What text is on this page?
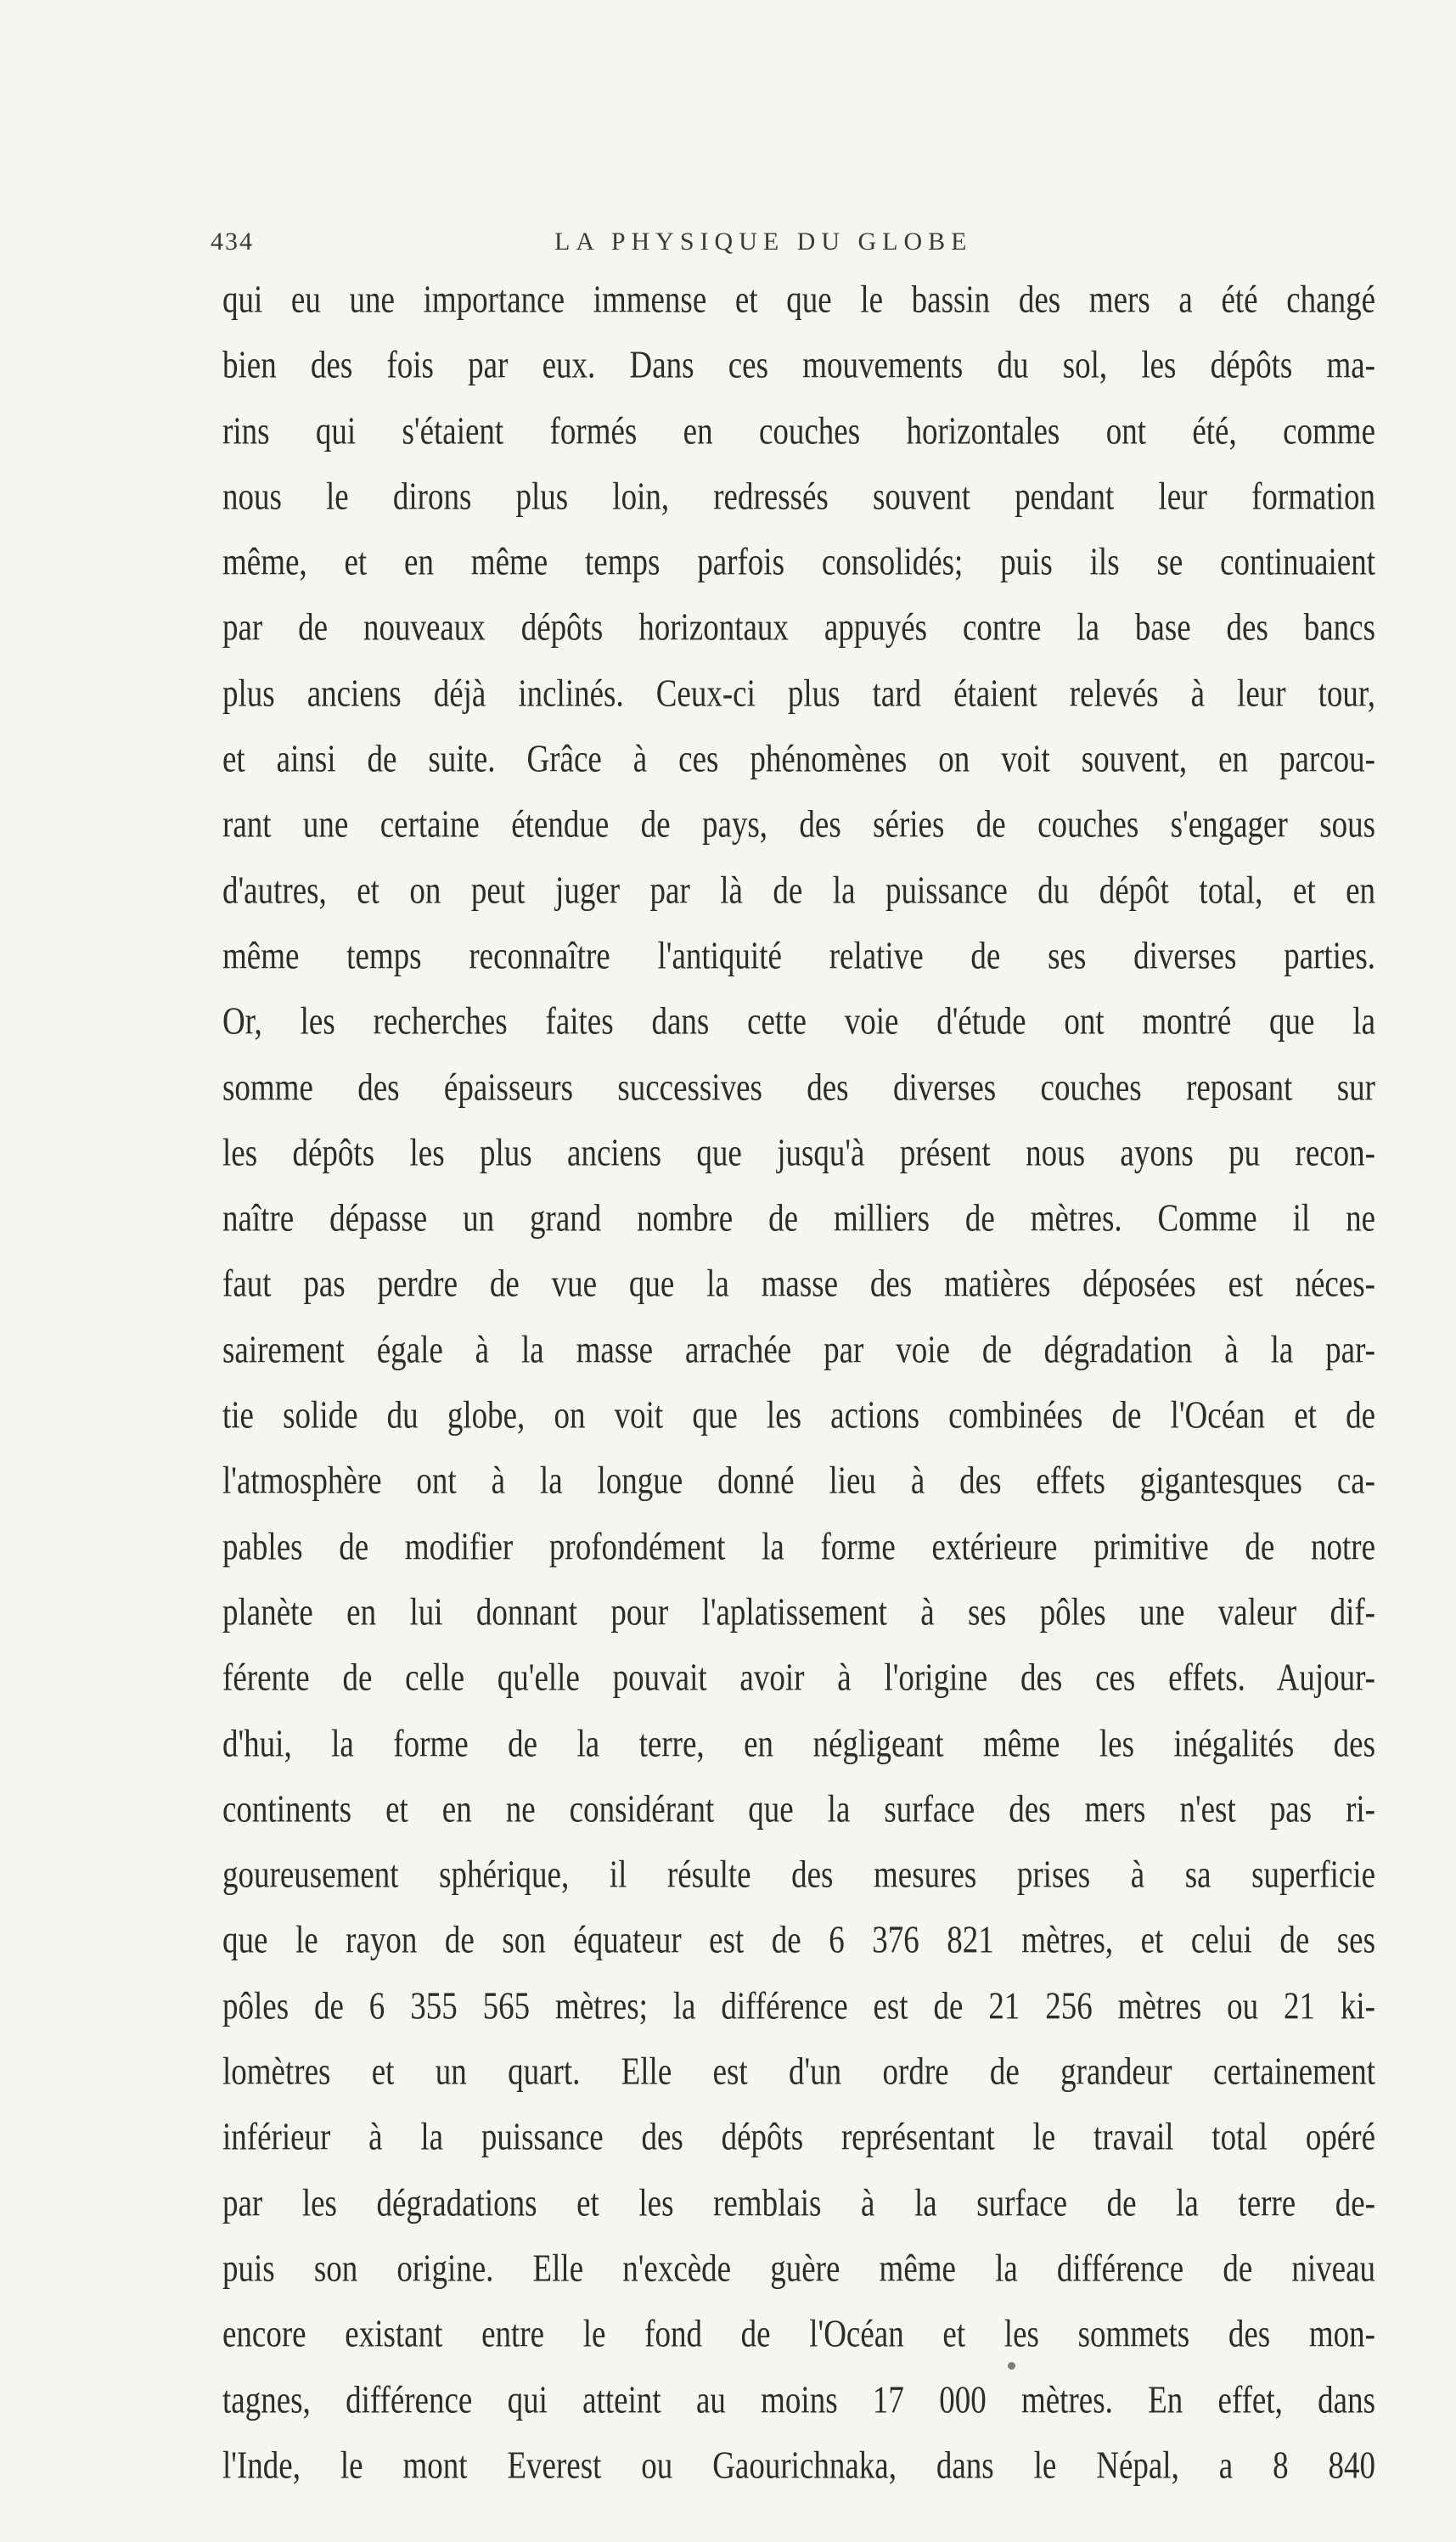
434	LA PHYSIQUE DU GLOBE
qui eu une importance immense et que le bassin des mers a été changé
bien des fois par eux. Dans ces mouvements du sol, les dépôts ma-
rins qui s'étaient formés en couches horizontales ont été, comme
nous le dirons plus loin, redressés souvent pendant leur formation
même, et en même temps parfois consolidés; puis ils se continuaient
par de nouveaux dépôts horizontaux appuyés contre la base des bancs
plus anciens déjà inclinés. Ceux-ci plus tard étaient relevés à leur tour,
et ainsi de suite. Grâce à ces phénomènes on voit souvent, en parcou-
rant une certaine étendue de pays, des séries de couches s'engager sous
d'autres, et on peut juger par là de la puissance du dépôt total, et en
même temps reconnaître l'antiquité relative de ses diverses parties.
Or, les recherches faites dans cette voie d'étude ont montré que la
somme des épaisseurs successives des diverses couches reposant sur
les dépôts les plus anciens que jusqu'à présent nous ayons pu recon-
naître dépasse un grand nombre de milliers de mètres. Comme il ne
faut pas perdre de vue que la masse des matières déposées est néces-
sairement égale à la masse arrachée par voie de dégradation à la par-
tie solide du globe, on voit que les actions combinées de l'Océan et de
l'atmosphère ont à la longue donné lieu à des effets gigantesques ca-
pables de modifier profondément la forme extérieure primitive de notre
planète en lui donnant pour l'aplatissement à ses pôles une valeur dif-
férente de celle qu'elle pouvait avoir à l'origine des ces effets. Aujour-
d'hui, la forme de la terre, en négligeant même les inégalités des
continents et en ne considérant que la surface des mers n'est pas ri-
goureusement sphérique, il résulte des mesures prises à sa superficie
que le rayon de son équateur est de 6 376 821 mètres, et celui de ses
pôles de 6 355 565 mètres; la différence est de 21 256 mètres ou 21 ki-
lomètres et un quart. Elle est d'un ordre de grandeur certainement
inférieur à la puissance des dépôts représentant le travail total opéré
par les dégradations et les remblais à la surface de la terre de-
puis son origine. Elle n'excède guère même la différence de niveau
encore existant entre le fond de l'Océan et les sommets des mon-
tagnes, différence qui atteint au moins 17 000 mètres. En effet, dans
l'Inde, le mont Everest ou Gaourichnaka, dans le Népal, a 8 840
